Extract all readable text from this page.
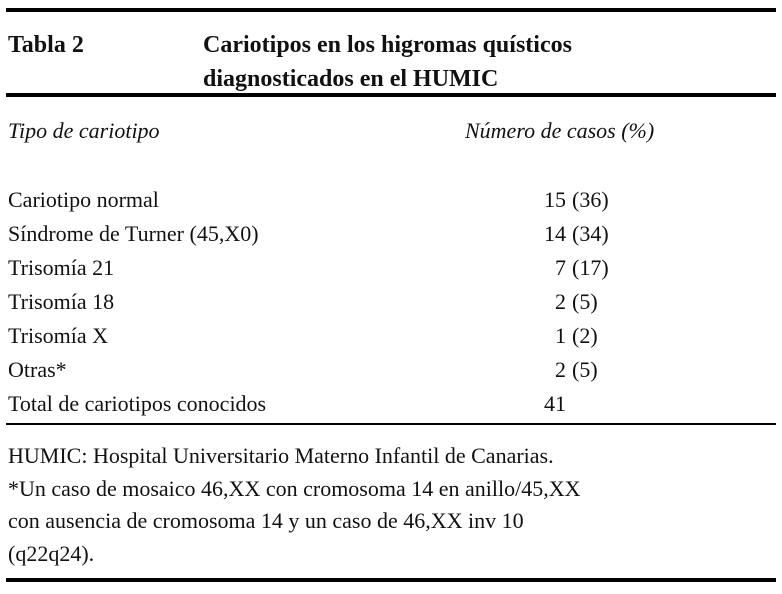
Tabla 2	Cariotipos en los higromas quísticos
diagnosticados en el HUMIC
Tipo de cariotipo	Número de casos (%)
Cariotipo normal	15 (36)
Síndrome de Turner (45,X0)	14 (34)
Trisomía 21	7 (17)
Trisomía 18	2 (5)
Trisomía X	1 (2)
Otras*	2 (5)
Total de cariotipos conocidos	41
HUMIC: Hospital Universitario Materno Infantil de Canarias.
*Un caso de mosaico 46,XX con cromosoma 14 en anillo/45,XX
con ausencia de cromosoma 14 y un caso de 46,XX inv 10
(q22q24).
